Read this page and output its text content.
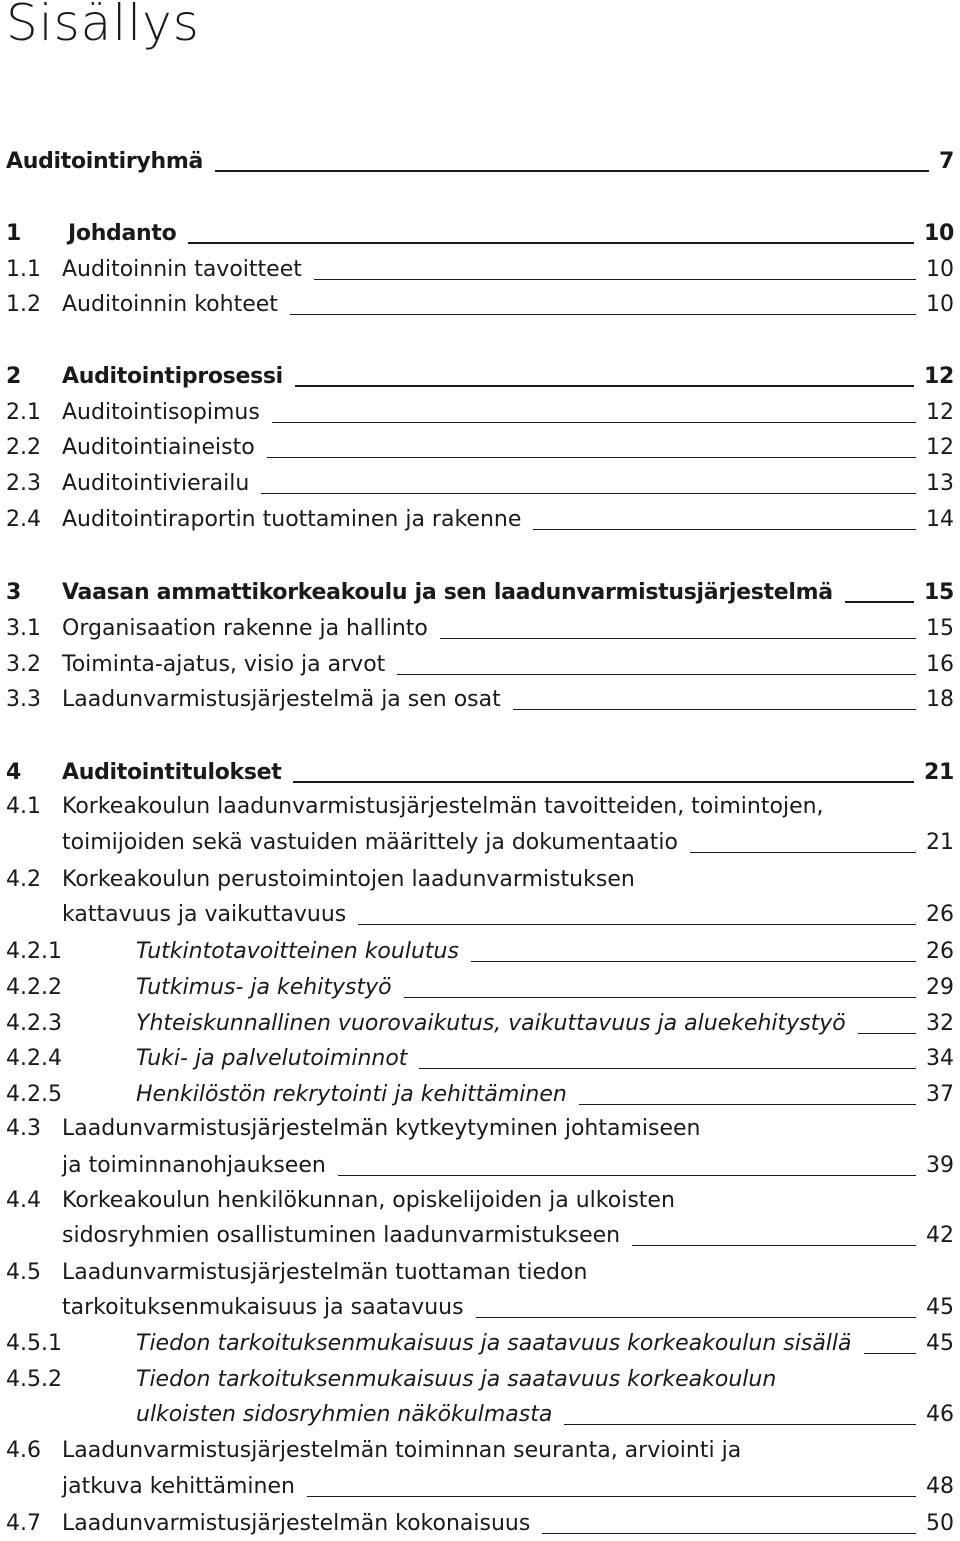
Sisällys
Auditointiryhmä	7
1 Johdanto	10
1.1 Auditoinnin tavoitteet	10
1.2 Auditoinnin kohteet	10
2 Auditointiprosessi	12
2.1 Auditointisopimus	12
2.2 Auditointiaineisto	12
2.3 Auditointivierailu	13
2.4 Auditointiraportin tuottaminen ja rakenne	14
3 Vaasan ammattikorkeakoulu ja sen laadunvarmistusjärjestelmä	15
3.1 Organisaation rakenne ja hallinto	15
3.2 Toiminta-ajatus, visio ja arvot	16
3.3 Laadunvarmistusjärjestelmä ja sen osat	18
4 Auditointitulokset	21
4.1 Korkeakoulun laadunvarmistusjärjestelmän tavoitteiden, toimintojen,
toimijoiden sekä vastuiden määrittely ja dokumentaatio	21
4.2 Korkeakoulun perustoimintojen laadunvarmistuksen
kattavuus ja vaikuttavuus	26
4.2.1	Tutkintotavoitteinen koulutus	26
4.2.2	Tutkimus- ja kehitystyö	29
4.2.3	Yhteiskunnallinen vuorovaikutus, vaikuttavuus ja aluekehitystyö	32
4.2.4	Tuki- ja palvelutoiminnot	34
4.2.5	Henkilöstön rekrytointi ja kehittäminen	37
4.3 Laadunvarmistusjärjestelmän kytkeytyminen johtamiseen
ja toiminnanohjaukseen	39
4.4 Korkeakoulun henkilökunnan, opiskelijoiden ja ulkoisten
sidosryhmien osallistuminen laadunvarmistukseen	42
4.5 Laadunvarmistusjärjestelmän tuottaman tiedon
tarkoituksenmukaisuus ja saatavuus	45
4.5.1	Tiedon tarkoituksenmukaisuus ja saatavuus korkeakoulun sisällä	45
4.5.2	Tiedon tarkoituksenmukaisuus ja saatavuus korkeakoulun
ulkoisten sidosryhmien näkökulmasta	46
4.6 Laadunvarmistusjärjestelmän toiminnan seuranta, arviointi ja
jatkuva kehittäminen	48
4.7 Laadunvarmistusjärjestelmän kokonaisuus	50
